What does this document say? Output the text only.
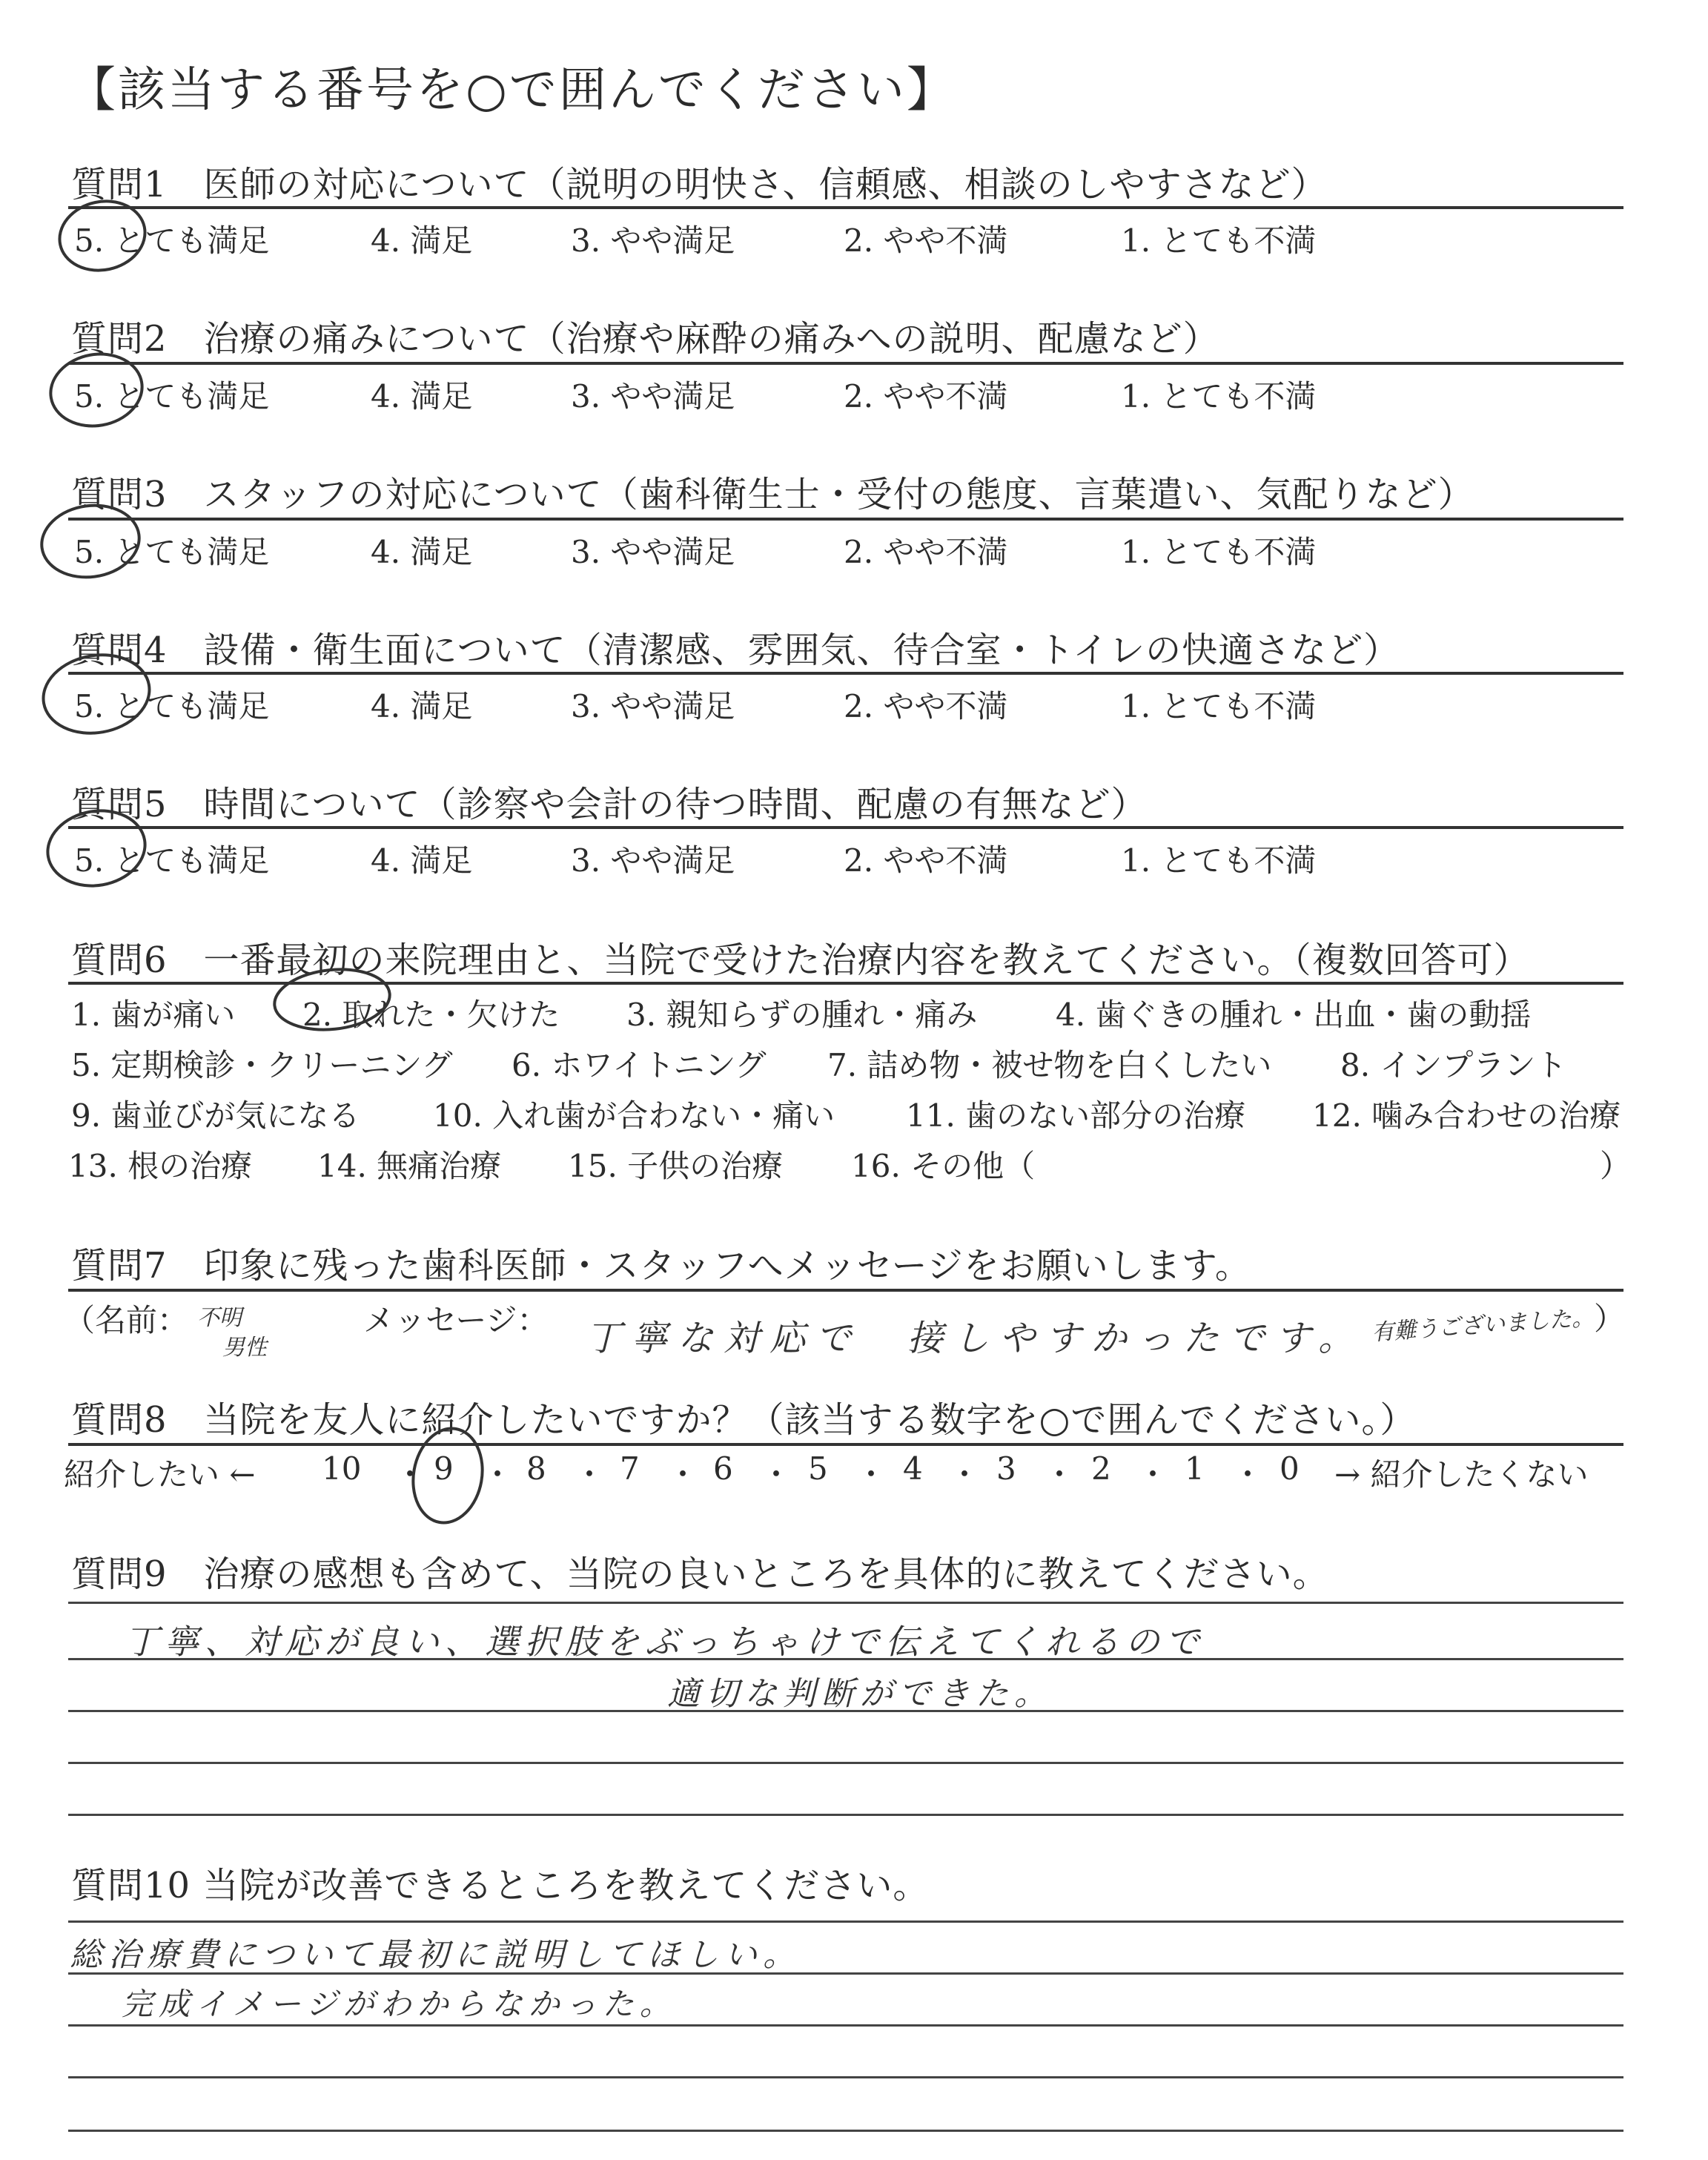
【該当する番号を○で囲んでください】
質問1　医師の対応について（説明の明快さ、信頼感、相談のしやすさなど）
5. とても満足	4. 満足	3. やや満足	2. やや不満	1. とても不満
質問2　治療の痛みについて（治療や麻酔の痛みへの説明、配慮など）
5. とても満足	4. 満足	3. やや満足	2. やや不満	1. とても不満
質問3　スタッフの対応について（歯科衛生士・受付の態度、言葉遣い、気配りなど）
5. とても満足	4. 満足	3. やや満足	2. やや不満	1. とても不満
質問4　設備・衛生面について（清潔感、雰囲気、待合室・トイレの快適さなど）
5. とても満足	4. 満足	3. やや満足	2. やや不満	1. とても不満
質問5　時間について（診察や会計の待つ時間、配慮の有無など）
5. とても満足	4. 満足	3. やや満足	2. やや不満	1. とても不満
質問6　一番最初の来院理由と、当院で受けた治療内容を教えてください。（複数回答可）
1. 歯が痛い 2. 取れた・欠けた 3. 親知らずの腫れ・痛み	4. 歯ぐきの腫れ・出血・歯の動揺
5. 定期検診・クリーニング 6. ホワイトニング 7. 詰め物・被せ物を白くしたい 8. インプラント
9. 歯並びが気になる 10. 入れ歯が合わない・痛い 11. 歯のない部分の治療 12. 噛み合わせの治療
13. 根の治療 14. 無痛治療 15. 子供の治療 16. その他（	）
質問7　印象に残った歯科医師・スタッフへメッセージをお願いします。
（名前： 不明
男性
メッセージ： 丁寧な対応で　接しやすかったです。 有難うございました。
）
質問8　当院を友人に紹介したいですか？（該当する数字を○で囲んでください。）
紹介したい ← 10 9 8 7 6 5 4 3 2 1 0 → 紹介したくない
・ ・ ・ ・ ・ ・ ・ ・ ・ ・
質問9　治療の感想も含めて、当院の良いところを具体的に教えてください。
丁寧、対応が良い、選択肢をぶっちゃけで伝えてくれるので
適切な判断ができた。
質問10 当院が改善できるところを教えてください。
総治療費について最初に説明してほしい。
完成イメージがわからなかった。
